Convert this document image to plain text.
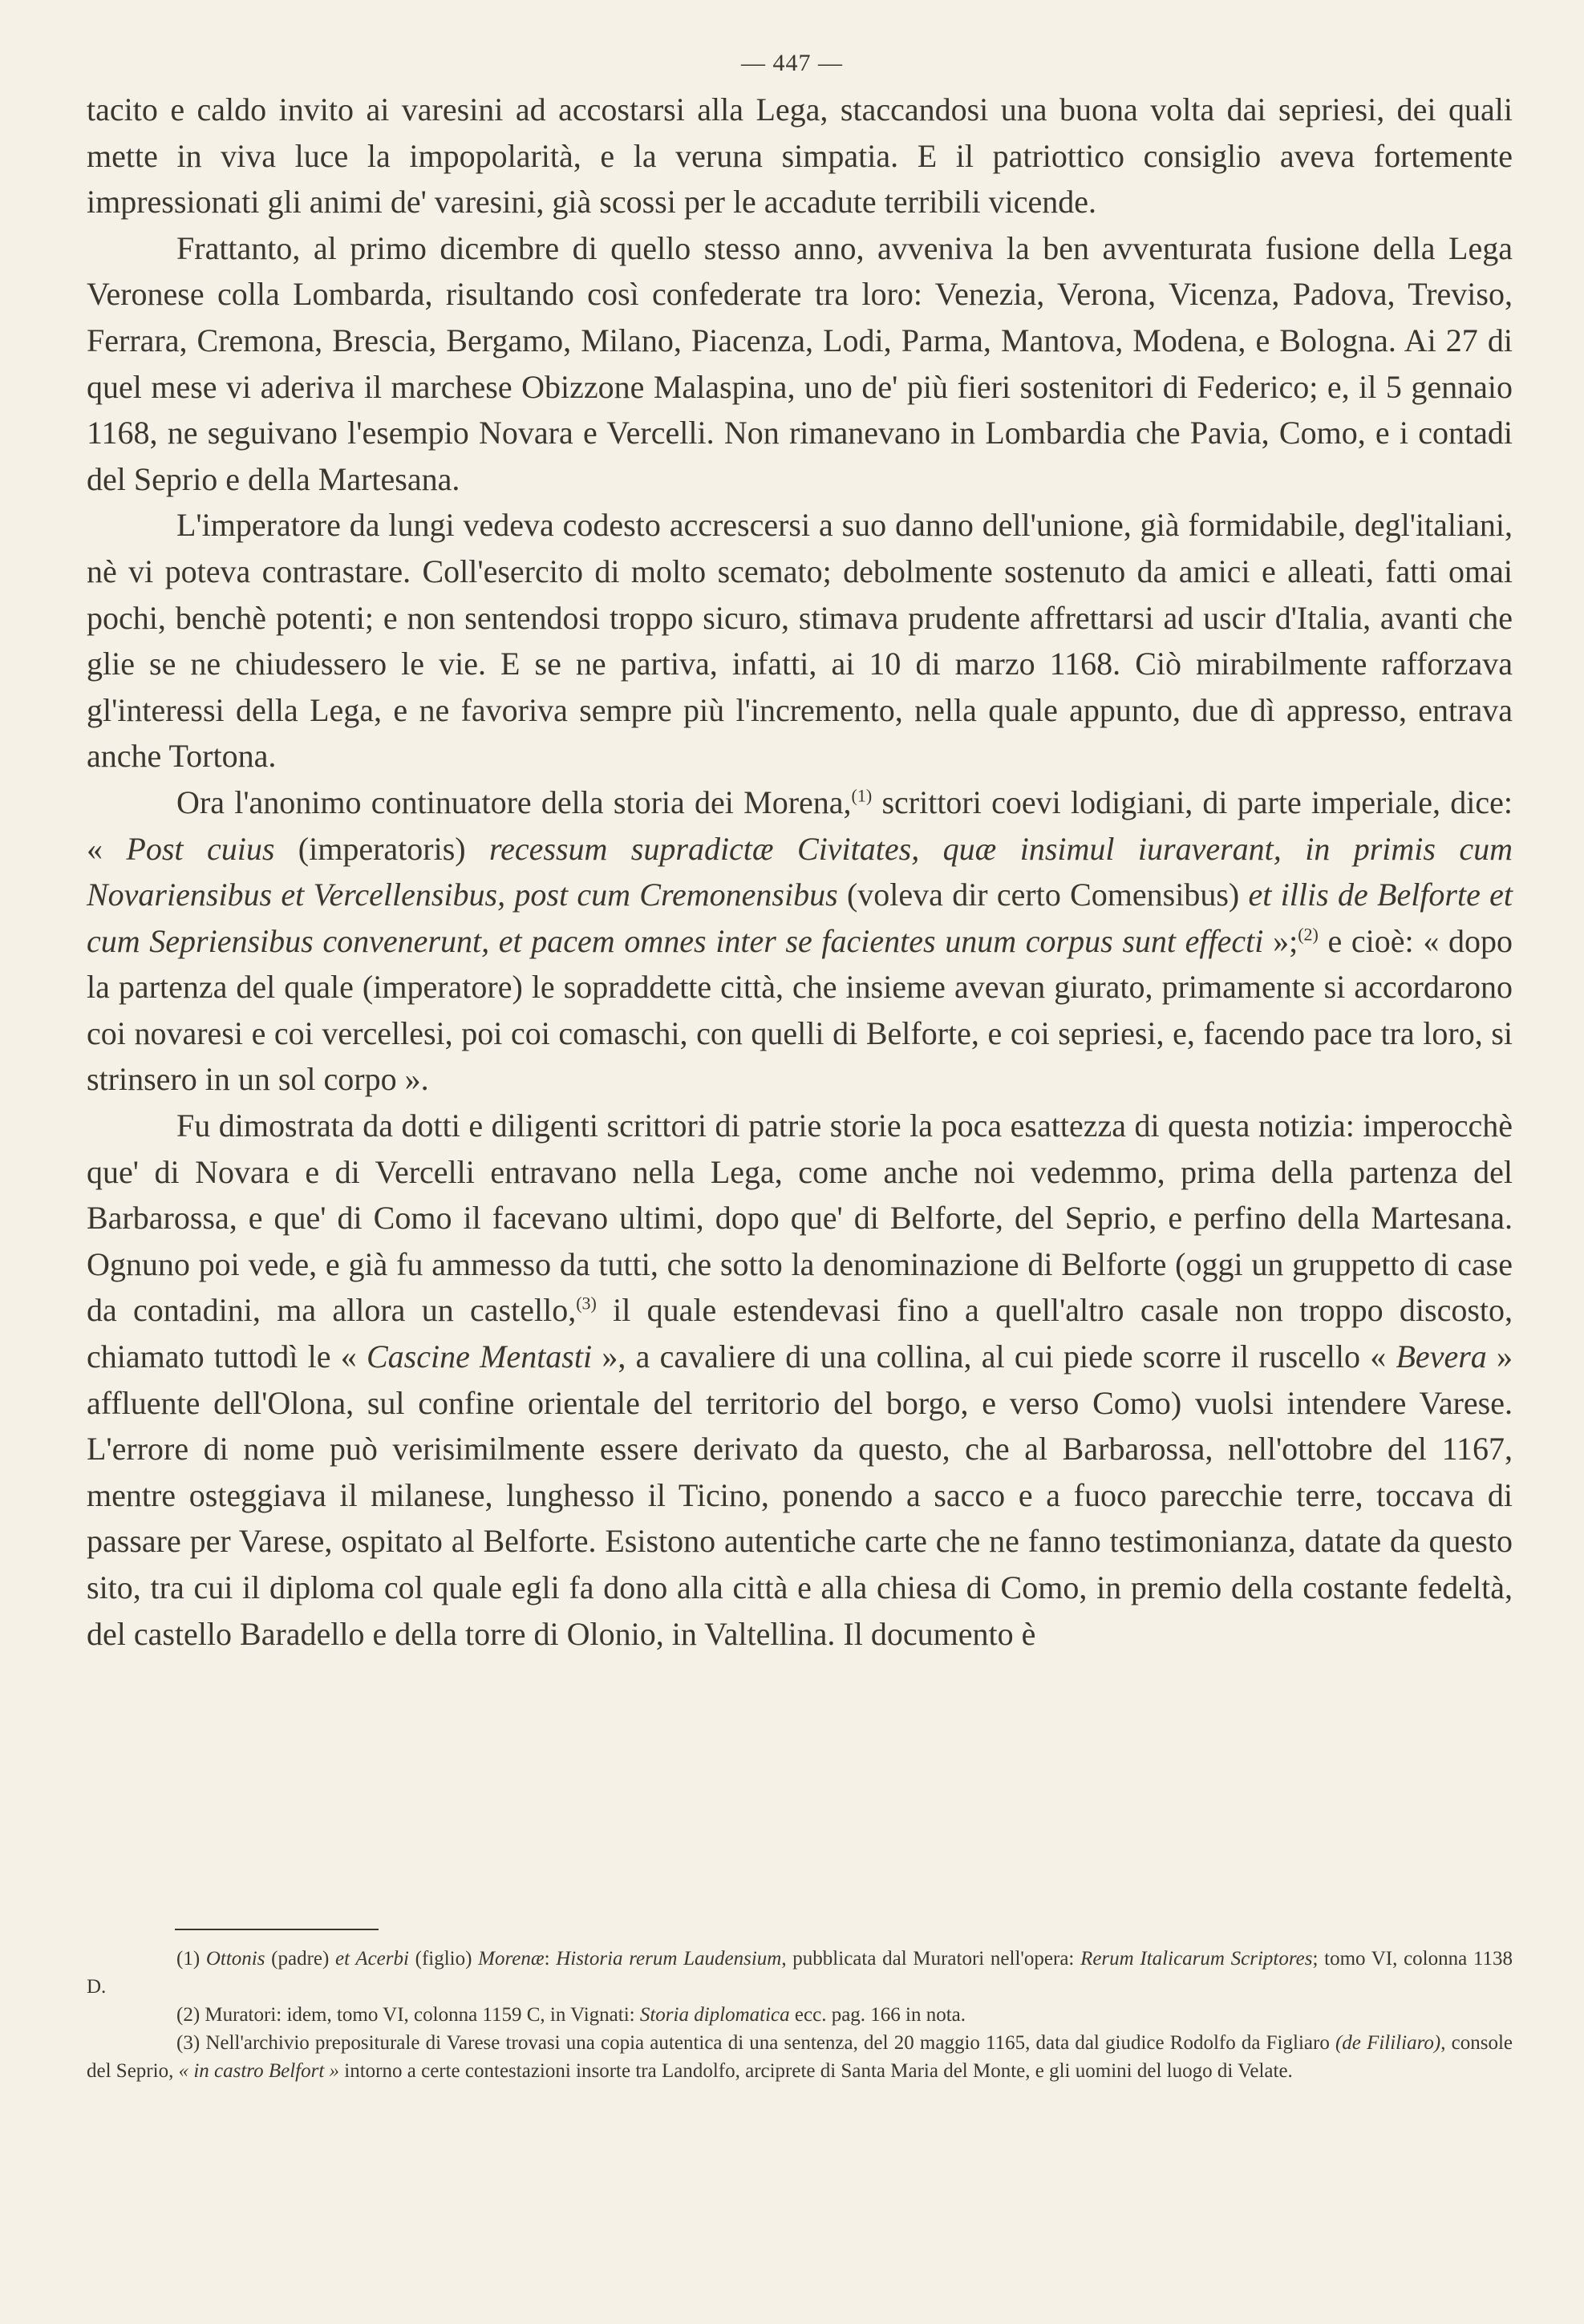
— 447 —

tacito e caldo invito ai varesini ad accostarsi alla Lega, staccandosi una buona volta dai sepriesi, dei quali mette in viva luce la impopolarità, e la veruna simpatia. E il patriottico consiglio aveva fortemente impressionati gli animi de' varesini, già scossi per le accadute terribili vicende.

Frattanto, al primo dicembre di quello stesso anno, avveniva la ben avventurata fusione della Lega Veronese colla Lombarda, risultando così confederate tra loro: Venezia, Verona, Vicenza, Padova, Treviso, Ferrara, Cremona, Brescia, Bergamo, Milano, Piacenza, Lodi, Parma, Mantova, Modena, e Bologna. Ai 27 di quel mese vi aderiva il marchese Obizzone Malaspina, uno de' più fieri sostenitori di Federico; e, il 5 gennaio 1168, ne seguivano l'esempio Novara e Vercelli. Non rimanevano in Lombardia che Pavia, Como, e i contadi del Seprio e della Martesana.

L'imperatore da lungi vedeva codesto accrescersi a suo danno dell'unione, già formidabile, degl'italiani, nè vi poteva contrastare. Coll'esercito di molto scemato; debolmente sostenuto da amici e alleati, fatti omai pochi, benchè potenti; e non sentendosi troppo sicuro, stimava prudente affrettarsi ad uscir d'Italia, avanti che glie se ne chiudessero le vie. E se ne partiva, infatti, ai 10 di marzo 1168. Ciò mirabilmente rafforzava gl'interessi della Lega, e ne favoriva sempre più l'incremento, nella quale appunto, due dì appresso, entrava anche Tortona.

Ora l'anonimo continuatore della storia dei Morena,$^{(1)}$ scrittori coevi lodigiani, di parte imperiale, dice: « Post cuius (imperatoris) recessum supradictæ Civitates, quæ insimul iuraverant, in primis cum Novariensibus et Vercellensibus, post cum Cremonensibus (voleva dir certo Comensibus) et illis de Belforte et cum Sepriensibus convenerunt, et pacem omnes inter se facientes unum corpus sunt effecti »;$^{(2)}$ e cioè: « dopo la partenza del quale (imperatore) le sopraddette città, che insieme avevan giurato, primamente si accordarono coi novaresi e coi vercellesi, poi coi comaschi, con quelli di Belforte, e coi sepriesi, e, facendo pace tra loro, si strinsero in un sol corpo ».

Fu dimostrata da dotti e diligenti scrittori di patrie storie la poca esattezza di questa notizia: imperocchè que' di Novara e di Vercelli entravano nella Lega, come anche noi vedemmo, prima della partenza del Barbarossa, e que' di Como il facevano ultimi, dopo que' di Belforte, del Seprio, e perfino della Martesana. Ognuno poi vede, e già fu ammesso da tutti, che sotto la denominazione di Belforte (oggi un gruppetto di case da contadini, ma allora un castello,$^{(3)}$ il quale estendevasi fino a quell'altro casale non troppo discosto, chiamato tuttodì le « Cascine Mentasti », a cavaliere di una collina, al cui piede scorre il ruscello « Bevera » affluente dell'Olona, sul confine orientale del territorio del borgo, e verso Como) vuolsi intendere Varese. L'errore di nome può verisimilmente essere derivato da questo, che al Barbarossa, nell'ottobre del 1167, mentre osteggiava il milanese, lunghesso il Ticino, ponendo a sacco e a fuoco parecchie terre, toccava di passare per Varese, ospitato al Belforte. Esistono autentiche carte che ne fanno testimonianza, datate da questo sito, tra cui il diploma col quale egli fa dono alla città e alla chiesa di Como, in premio della costante fedeltà, del castello Baradello e della torre di Olonio, in Valtellina. Il documento è

(1) Ottonis (padre) et Acerbi (figlio) Morenæ: Historia rerum Laudensium, pubblicata dal Muratori nell'opera: Rerum Italicarum Scriptores; tomo VI, colonna 1138 D.

(2) Muratori: idem, tomo VI, colonna 1159 C, in Vignati: Storia diplomatica ecc. pag. 166 in nota.

(3) Nell'archivio prepositurale di Varese trovasi una copia autentica di una sentenza, del 20 maggio 1165, data dal giudice Rodolfo da Figliaro (de Fililiaro), console del Seprio, « in castro Belfort » intorno a certe contestazioni insorte tra Landolfo, arciprete di Santa Maria del Monte, e gli uomini del luogo di Velate.
